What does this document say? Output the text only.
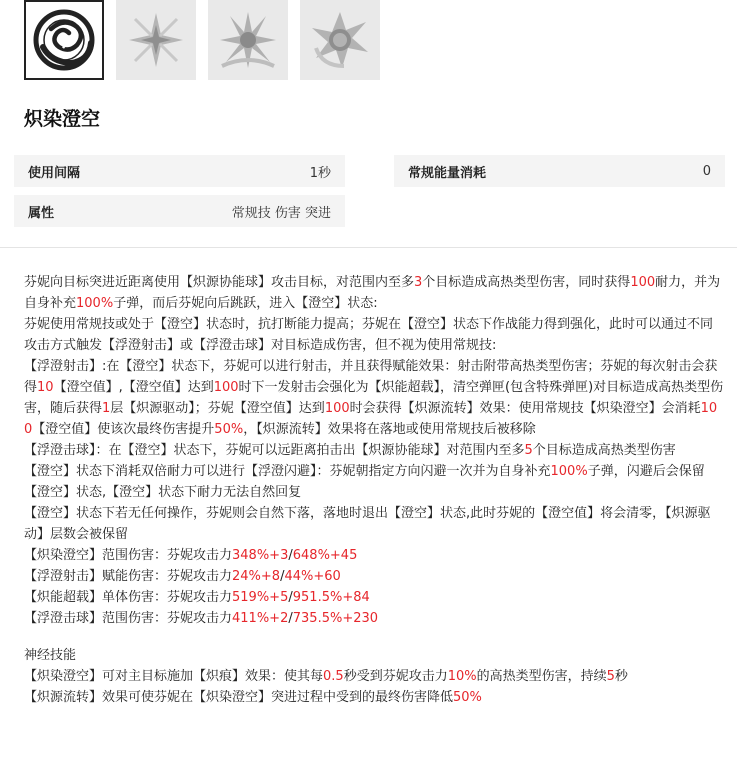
炽染澄空
使用间隔	1秒	常规能量消耗	0
属性	常规技 伤害 突进

芬妮向目标突进近距离使用【炽源协能球】攻击目标，对范围内至多3个目标造成高热类型伤害，同时获得100耐力，并为自身补充100%子弹，而后芬妮向后跳跃，进入【澄空】状态:

芬妮使用常规技或处于【澄空】状态时，抗打断能力提高；芬妮在【澄空】状态下作战能力得到强化，此时可以通过不同攻击方式触发【浮澄射击】或【浮澄击球】对目标造成伤害，但不视为使用常规技:

【浮澄射击】:在【澄空】状态下，芬妮可以进行射击，并且获得赋能效果：射击附带高热类型伤害；芬妮的每次射击会获得10【澄空值】,【澄空值】达到100时下一发射击会强化为【炽能超载】，清空弹匣(包含特殊弹匣)对目标造成高热类型伤害，随后获得1层【炽源驱动】；芬妮【澄空值】达到100时会获得【炽源流转】效果：使用常规技【炽染澄空】会消耗100【澄空值】使该次最终伤害提升50%，【炽源流转】效果将在落地或使用常规技后被移除

【浮澄击球】：在【澄空】状态下，芬妮可以远距离拍击出【炽源协能球】对范围内至多5个目标造成高热类型伤害

【澄空】状态下消耗双倍耐力可以进行【浮澄闪避】：芬妮朝指定方向闪避一次并为自身补充100%子弹，闪避后会保留【澄空】状态,【澄空】状态下耐力无法自然回复

【澄空】状态下若无任何操作，芬妮则会自然下落，落地时退出【澄空】状态,此时芬妮的【澄空值】将会清零，【炽源驱动】层数会被保留

【炽染澄空】范围伤害：芬妮攻击力348%+3/648%+45

【浮澄射击】赋能伤害：芬妮攻击力24%+8/44%+60

【炽能超载】单体伤害：芬妮攻击力519%+5/951.5%+84

【浮澄击球】范围伤害：芬妮攻击力411%+2/735.5%+230

神经技能

【炽染澄空】可对主目标施加【炽痕】效果：使其每0.5秒受到芬妮攻击力10%的高热类型伤害，持续5秒

【炽源流转】效果可使芬妮在【炽染澄空】突进过程中受到的最终伤害降低50%
